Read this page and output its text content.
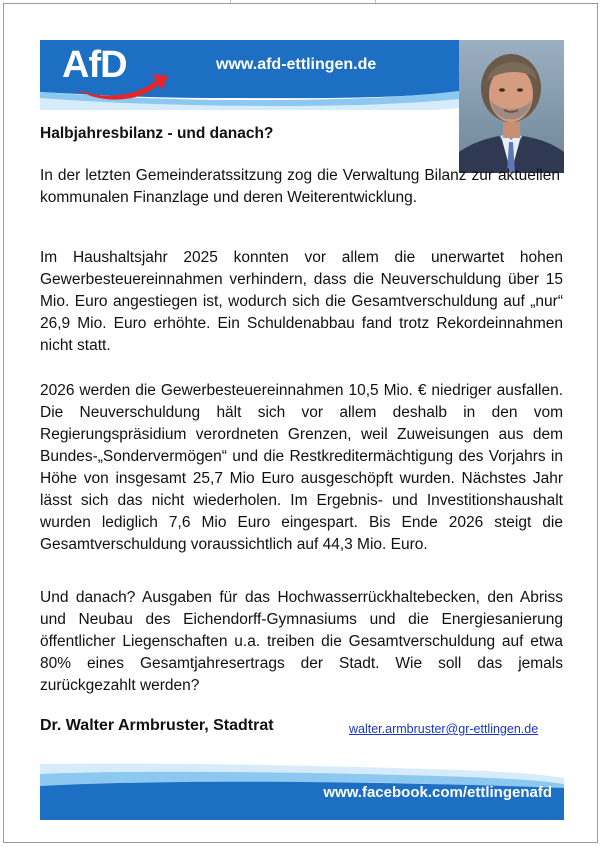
AfD	www.afd-ettlingen.de
Halbjahresbilanz - und danach?

In der letzten Gemeinderatssitzung zog die Verwaltung Bilanz zur aktuellen kommunalen Finanzlage und deren Weiterentwicklung.

Im Haushaltsjahr 2025 konnten vor allem die unerwartet hohen Gewerbesteuereinnahmen verhindern, dass die Neuverschuldung über 15 Mio. Euro angestiegen ist, wodurch sich die Gesamtverschuldung auf „nur“ 26,9 Mio. Euro erhöhte. Ein Schuldenabbau fand trotz Rekordeinnahmen nicht statt.

2026 werden die Gewerbesteuereinnahmen 10,5 Mio. € niedriger ausfallen. Die Neuverschuldung hält sich vor allem deshalb in den vom Regierungspräsidium verordneten Grenzen, weil Zuweisungen aus dem Bundes-„Sondervermögen“ und die Restkreditermächtigung des Vorjahrs in Höhe von insgesamt 25,7 Mio Euro ausgeschöpft wurden. Nächstes Jahr lässt sich das nicht wiederholen. Im Ergebnis- und Investitionshaushalt wurden lediglich 7,6 Mio Euro eingespart. Bis Ende 2026 steigt die Gesamtverschuldung voraussichtlich auf 44,3 Mio. Euro.

Und danach? Ausgaben für das Hochwasserrückhaltebecken, den Abriss und Neubau des Eichendorff-Gymnasiums und die Energiesanierung öffentlicher Liegenschaften u.a. treiben die Gesamtverschuldung auf etwa 80% eines Gesamtjahresertrags der Stadt. Wie soll das jemals zurückgezahlt werden?

Dr. Walter Armbruster, Stadtrat	walter.armbruster@gr-ettlingen.de
www.facebook.com/ettlingenafd
